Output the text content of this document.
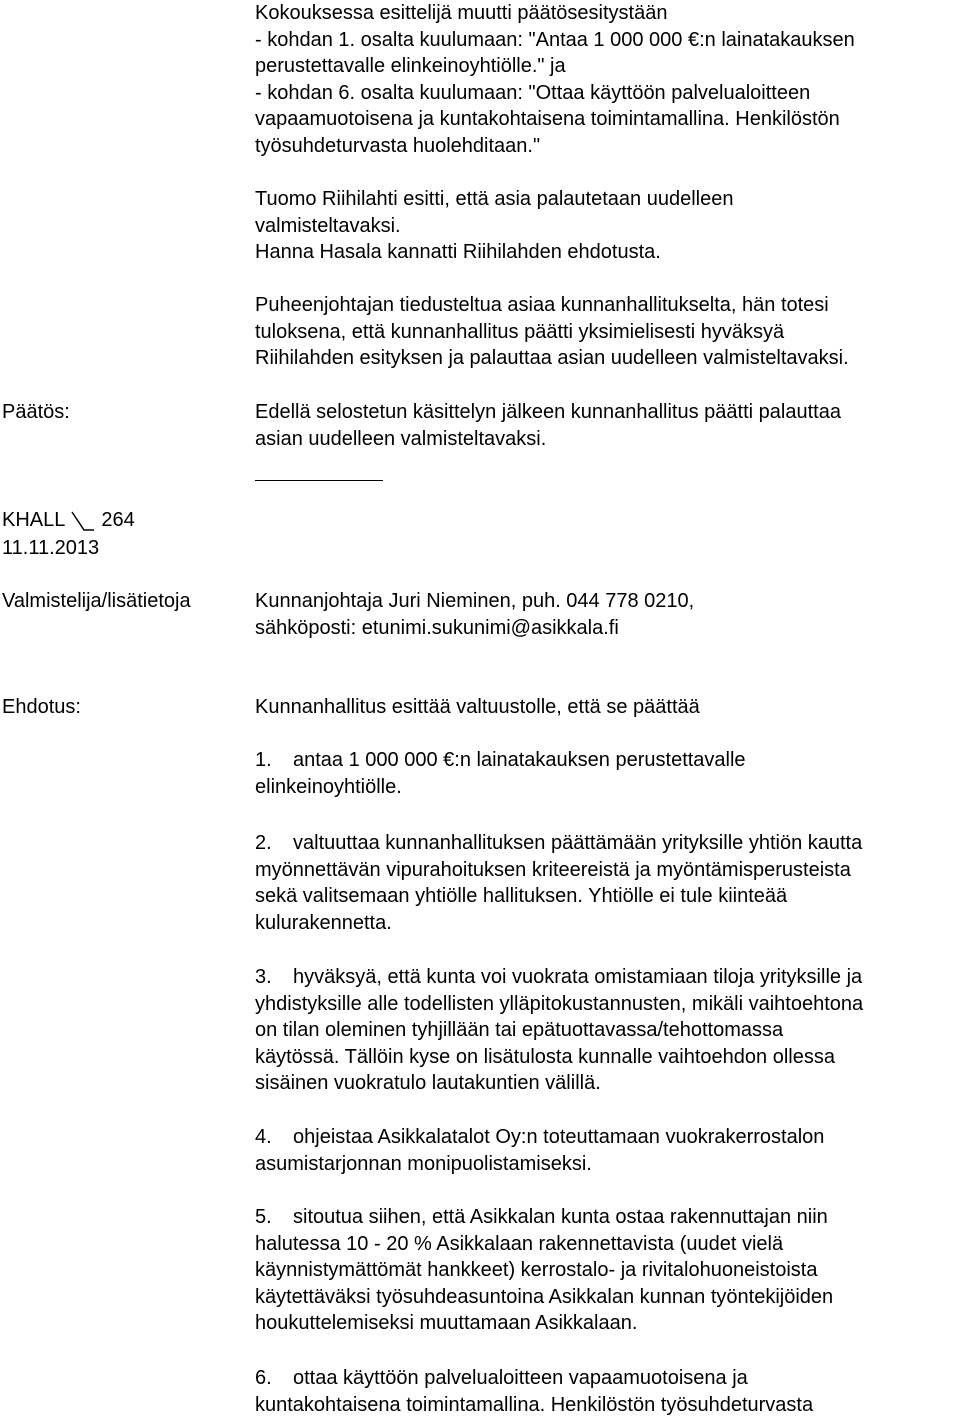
Kokouksessa esittelijä muutti päätösesitystään
- kohdan 1. osalta kuulumaan: "Antaa 1 000 000 €:n lainatakauksen
perustettavalle elinkeinoyhtiölle." ja
- kohdan 6. osalta kuulumaan: "Ottaa käyttöön palvelualoitteen
vapaamuotoisena ja kuntakohtaisena toimintamallina. Henkilöstön
työsuhdeturvasta huolehditaan."
Tuomo Riihilahti esitti, että asia palautetaan uudelleen
valmisteltavaksi.
Hanna Hasala kannatti Riihilahden ehdotusta.
Puheenjohtajan tiedusteltua asiaa kunnanhallitukselta, hän totesi
tuloksena, että kunnanhallitus päätti yksimielisesti hyväksyä
Riihilahden esityksen ja palauttaa asian uudelleen valmisteltavaksi.
Päätös:	Edellä selostetun käsittelyn jälkeen kunnanhallitus päätti palauttaa
asian uudelleen valmisteltavaksi.
KHALL 264
11.11.2013
Valmistelija/lisätietoja	Kunnanjohtaja Juri Nieminen, puh. 044 778 0210,
sähköposti: etunimi.sukunimi@asikkala.fi
Ehdotus:	Kunnanhallitus esittää valtuustolle, että se päättää
1. antaa 1 000 000 €:n lainatakauksen perustettavalle
elinkeinoyhtiölle.
2. valtuuttaa kunnanhallituksen päättämään yrityksille yhtiön kautta
myönnettävän vipurahoituksen kriteereistä ja myöntämisperusteista
sekä valitsemaan yhtiölle hallituksen. Yhtiölle ei tule kiinteää
kulurakennetta.
3. hyväksyä, että kunta voi vuokrata omistamiaan tiloja yrityksille ja
yhdistyksille alle todellisten ylläpitokustannusten, mikäli vaihtoehtona
on tilan oleminen tyhjillään tai epätuottavassa/tehottomassa
käytössä. Tällöin kyse on lisätulosta kunnalle vaihtoehdon ollessa
sisäinen vuokratulo lautakuntien välillä.
4. ohjeistaa Asikkalatalot Oy:n toteuttamaan vuokrakerrostalon
asumistarjonnan monipuolistamiseksi.
5. sitoutua siihen, että Asikkalan kunta ostaa rakennuttajan niin
halutessa 10 - 20 % Asikkalaan rakennettavista (uudet vielä
käynnistymättömät hankkeet) kerrostalo- ja rivitalohuoneistoista
käytettäväksi työsuhdeasuntoina Asikkalan kunnan työntekijöiden
houkuttelemiseksi muuttamaan Asikkalaan.
6. ottaa käyttöön palvelualoitteen vapaamuotoisena ja
kuntakohtaisena toimintamallina. Henkilöstön työsuhdeturvasta
